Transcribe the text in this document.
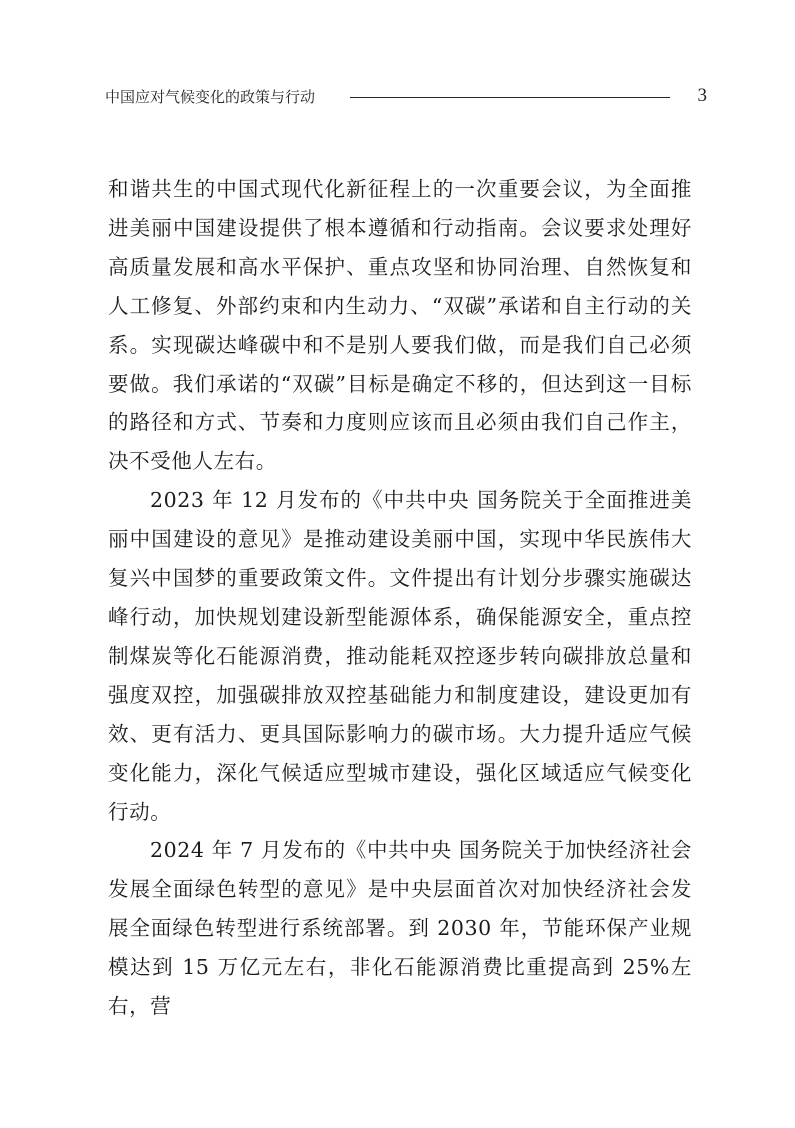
中国应对气候变化的政策与行动	3

和谐共生的中国式现代化新征程上的一次重要会议，为全面推进美丽中国建设提供了根本遵循和行动指南。会议要求处理好高质量发展和高水平保护、重点攻坚和协同治理、自然恢复和人工修复、外部约束和内生动力、“双碳”承诺和自主行动的关系。实现碳达峰碳中和不是别人要我们做，而是我们自己必须要做。我们承诺的“双碳”目标是确定不移的，但达到这一目标的路径和方式、节奏和力度则应该而且必须由我们自己作主，决不受他人左右。

2023 年 12 月发布的《中共中央 国务院关于全面推进美丽中国建设的意见》是推动建设美丽中国，实现中华民族伟大复兴中国梦的重要政策文件。文件提出有计划分步骤实施碳达峰行动，加快规划建设新型能源体系，确保能源安全，重点控制煤炭等化石能源消费，推动能耗双控逐步转向碳排放总量和强度双控，加强碳排放双控基础能力和制度建设，建设更加有效、更有活力、更具国际影响力的碳市场。大力提升适应气候变化能力，深化气候适应型城市建设，强化区域适应气候变化行动。

2024 年 7 月发布的《中共中央 国务院关于加快经济社会发展全面绿色转型的意见》是中央层面首次对加快经济社会发展全面绿色转型进行系统部署。到 2030 年，节能环保产业规模达到 15 万亿元左右，非化石能源消费比重提高到 25%左右，营
